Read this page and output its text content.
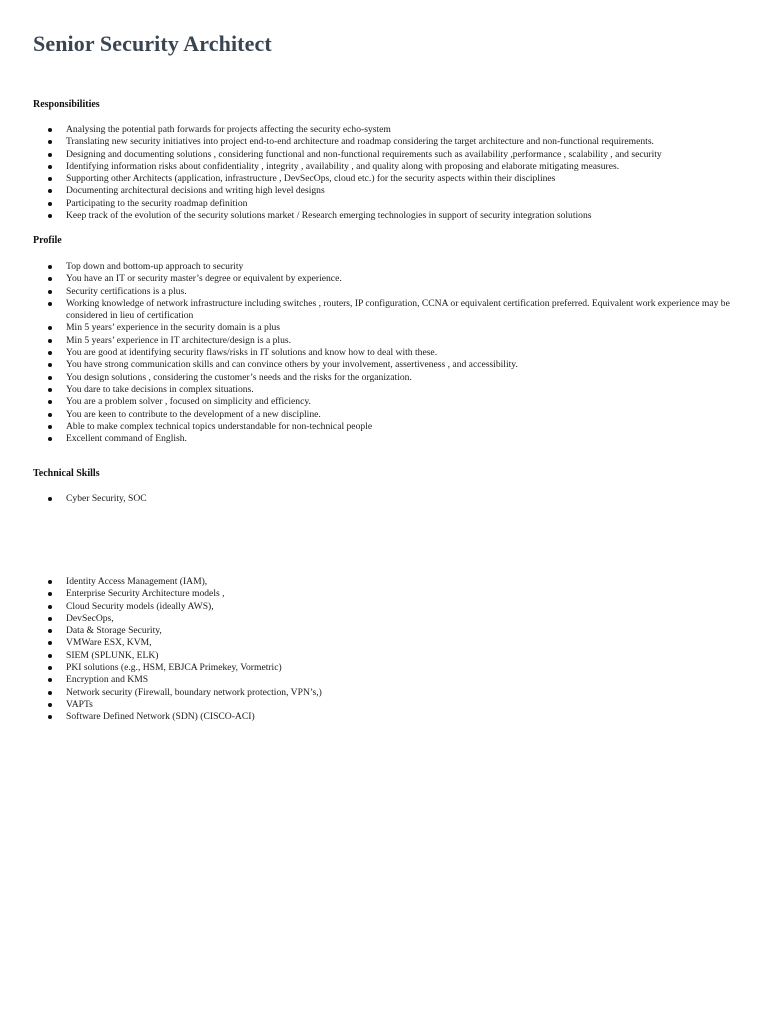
Senior Security Architect
Responsibilities
Analysing the potential path forwards for projects affecting the security echo-system
Translating new security initiatives into project end-to-end architecture and roadmap considering the target architecture and non-functional requirements.
Designing and documenting solutions , considering functional and non-functional requirements such as availability ,performance , scalability , and security
Identifying information risks about confidentiality , integrity , availability , and quality along with proposing and elaborate mitigating measures.
Supporting other Architects (application, infrastructure , DevSecOps, cloud etc.) for the security aspects within their disciplines
Documenting architectural decisions and writing high level designs
Participating to the security roadmap definition
Keep track of the evolution of the security solutions market / Research emerging technologies in support of security integration solutions
Profile
Top down and bottom-up approach to security
You have an IT or security master’s degree or equivalent by experience.
Security certifications is a plus.
Working knowledge of network infrastructure including switches , routers, IP configuration, CCNA or equivalent certification preferred. Equivalent work experience may be considered in lieu of certification
Min 5 years’ experience in the security domain is a plus
Min 5 years’ experience in IT architecture/design is a plus.
You are good at identifying security flaws/risks in IT solutions and know how to deal with these.
You have strong communication skills and can convince others by your involvement, assertiveness , and accessibility.
You design solutions , considering the customer’s needs and the risks for the organization.
You dare to take decisions in complex situations.
You are a problem solver , focused on simplicity and efficiency.
You are keen to contribute to the development of a new discipline.
Able to make complex technical topics understandable for non-technical people
Excellent command of English.
Technical Skills
Cyber Security, SOC
Identity Access Management (IAM),
Enterprise Security Architecture models ,
Cloud Security models (ideally AWS),
DevSecOps,
Data & Storage Security,
VMWare ESX, KVM,
SIEM (SPLUNK, ELK)
PKI solutions (e.g., HSM, EBJCA Primekey, Vormetric)
Encryption and KMS
Network security (Firewall, boundary network protection, VPN’s,)
VAPTs
Software Defined Network (SDN) (CISCO-ACI)
